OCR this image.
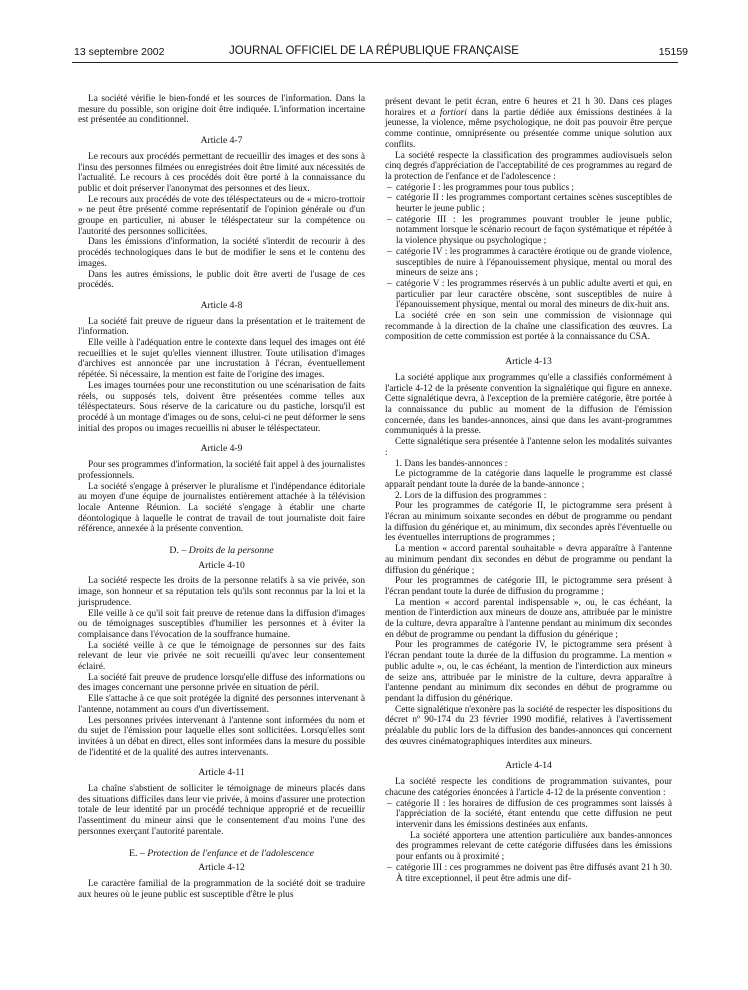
13 septembre 2002	JOURNAL OFFICIEL DE LA RÉPUBLIQUE FRANÇAISE	15159

La société vérifie le bien-fondé et les sources de l'information. Dans la mesure du possible, son origine doit être indiquée. L'information incertaine est présentée au conditionnel.

Article 4-7

Le recours aux procédés permettant de recueillir des images et des sons à l'insu des personnes filmées ou enregistrées doit être limité aux nécessités de l'actualité. Le recours à ces procédés doit être porté à la connaissance du public et doit préserver l'anonymat des personnes et des lieux.

Le recours aux procédés de vote des téléspectateurs ou de « micro-trottoir » ne peut être présenté comme représentatif de l'opinion générale ou d'un groupe en particulier, ni abuser le téléspectateur sur la compétence ou l'autorité des personnes sollicitées.

Dans les émissions d'information, la société s'interdit de recourir à des procédés technologiques dans le but de modifier le sens et le contenu des images.

Dans les autres émissions, le public doit être averti de l'usage de ces procédés.

Article 4-8

La société fait preuve de rigueur dans la présentation et le traitement de l'information.

Elle veille à l'adéquation entre le contexte dans lequel des images ont été recueillies et le sujet qu'elles viennent illustrer. Toute utilisation d'images d'archives est annoncée par une incrustation à l'écran, éventuellement répétée. Si nécessaire, la mention est faite de l'origine des images.

Les images tournées pour une reconstitution ou une scénarisation de faits réels, ou supposés tels, doivent être présentées comme telles aux téléspectateurs. Sous réserve de la caricature ou du pastiche, lorsqu'il est procédé à un montage d'images ou de sons, celui-ci ne peut déformer le sens initial des propos ou images recueillis ni abuser le téléspectateur.

Article 4-9

Pour ses programmes d'information, la société fait appel à des journalistes professionnels.

La société s'engage à préserver le pluralisme et l'indépendance éditoriale au moyen d'une équipe de journalistes entièrement attachée à la télévision locale Antenne Réunion. La société s'engage à établir une charte déontologique à laquelle le contrat de travail de tout journaliste doit faire référence, annexée à la présente convention.

D. – Droits de la personne
Article 4-10

La société respecte les droits de la personne relatifs à sa vie privée, son image, son honneur et sa réputation tels qu'ils sont reconnus par la loi et la jurisprudence.

Elle veille à ce qu'il soit fait preuve de retenue dans la diffusion d'images ou de témoignages susceptibles d'humilier les personnes et à éviter la complaisance dans l'évocation de la souffrance humaine.

La société veille à ce que le témoignage de personnes sur des faits relevant de leur vie privée ne soit recueilli qu'avec leur consentement éclairé.

La société fait preuve de prudence lorsqu'elle diffuse des informations ou des images concernant une personne privée en situation de péril.

Elle s'attache à ce que soit protégée la dignité des personnes intervenant à l'antenne, notamment au cours d'un divertissement.

Les personnes privées intervenant à l'antenne sont informées du nom et du sujet de l'émission pour laquelle elles sont sollicitées. Lorsqu'elles sont invitées à un débat en direct, elles sont informées dans la mesure du possible de l'identité et de la qualité des autres intervenants.

Article 4-11

La chaîne s'abstient de solliciter le témoignage de mineurs placés dans des situations difficiles dans leur vie privée, à moins d'assurer une protection totale de leur identité par un procédé technique approprié et de recueillir l'assentiment du mineur ainsi que le consentement d'au moins l'une des personnes exerçant l'autorité parentale.

E. – Protection de l'enfance et de l'adolescence
Article 4-12

Le caractère familial de la programmation de la société doit se traduire aux heures où le jeune public est susceptible d'être le plus

présent devant le petit écran, entre 6 heures et 21 h 30. Dans ces plages horaires et a fortiori dans la partie dédiée aux émissions destinées à la jeunesse, la violence, même psychologique, ne doit pas pouvoir être perçue comme continue, omniprésente ou présentée comme unique solution aux conflits.

La société respecte la classification des programmes audiovisuels selon cinq degrés d'appréciation de l'acceptabilité de ces programmes au regard de la protection de l'enfance et de l'adolescence :

– catégorie I : les programmes pour tous publics ;
– catégorie II : les programmes comportant certaines scènes susceptibles de heurter le jeune public ;
– catégorie III : les programmes pouvant troubler le jeune public, notamment lorsque le scénario recourt de façon systématique et répétée à la violence physique ou psychologique ;
– catégorie IV : les programmes à caractère érotique ou de grande violence, susceptibles de nuire à l'épanouissement physique, mental ou moral des mineurs de seize ans ;
– catégorie V : les programmes réservés à un public adulte averti et qui, en particulier par leur caractère obscène, sont susceptibles de nuire à l'épanouissement physique, mental ou moral des mineurs de dix-huit ans.

La société crée en son sein une commission de visionnage qui recommande à la direction de la chaîne une classification des œuvres. La composition de cette commission est portée à la connaissance du CSA.

Article 4-13

La société applique aux programmes qu'elle a classifiés conformément à l'article 4-12 de la présente convention la signalétique qui figure en annexe. Cette signalétique devra, à l'exception de la première catégorie, être portée à la connaissance du public au moment de la diffusion de l'émission concernée, dans les bandes-annonces, ainsi que dans les avant-programmes communiqués à la presse.

Cette signalétique sera présentée à l'antenne selon les modalités suivantes :

1. Dans les bandes-annonces :

Le pictogramme de la catégorie dans laquelle le programme est classé apparaît pendant toute la durée de la bande-annonce ;

2. Lors de la diffusion des programmes :

Pour les programmes de catégorie II, le pictogramme sera présent à l'écran au minimum soixante secondes en début de programme ou pendant la diffusion du générique et, au minimum, dix secondes après l'éventuelle ou les éventuelles interruptions de programmes ;

La mention « accord parental souhaitable » devra apparaître à l'antenne au minimum pendant dix secondes en début de programme ou pendant la diffusion du générique ;

Pour les programmes de catégorie III, le pictogramme sera présent à l'écran pendant toute la durée de diffusion du programme ;

La mention « accord parental indispensable », ou, le cas échéant, la mention de l'interdiction aux mineurs de douze ans, attribuée par le ministre de la culture, devra apparaître à l'antenne pendant au minimum dix secondes en début de programme ou pendant la diffusion du générique ;

Pour les programmes de catégorie IV, le pictogramme sera présent à l'écran pendant toute la durée de la diffusion du programme. La mention « public adulte », ou, le cas échéant, la mention de l'interdiction aux mineurs de seize ans, attribuée par le ministre de la culture, devra apparaître à l'antenne pendant au minimum dix secondes en début de programme ou pendant la diffusion du générique.

Cette signalétique n'exonère pas la société de respecter les dispositions du décret nº 90-174 du 23 février 1990 modifié, relatives à l'avertissement préalable du public lors de la diffusion des bandes-annonces qui concernent des œuvres cinématographiques interdites aux mineurs.

Article 4-14

La société respecte les conditions de programmation suivantes, pour chacune des catégories énoncées à l'article 4-12 de la présente convention :

– catégorie II : les horaires de diffusion de ces programmes sont laissés à l'appréciation de la société, étant entendu que cette diffusion ne peut intervenir dans les émissions destinées aux enfants.

La société apportera une attention particulière aux bandes-annonces des programmes relevant de cette catégorie diffusées dans les émissions pour enfants ou à proximité ;

– catégorie III : ces programmes ne doivent pas être diffusés avant 21 h 30. À titre exceptionnel, il peut être admis une dif-
